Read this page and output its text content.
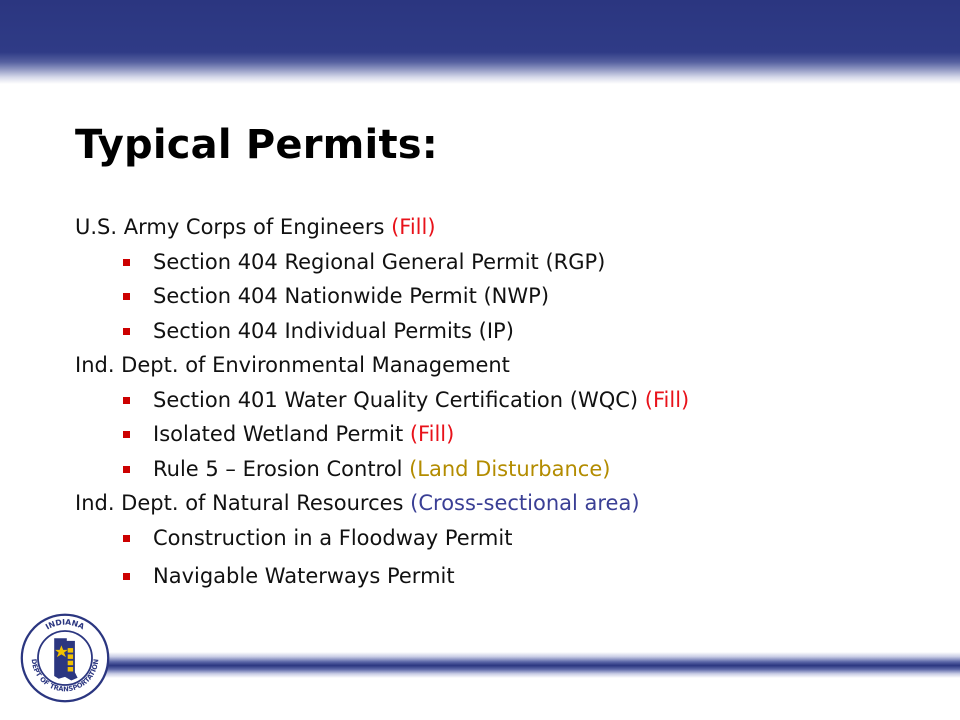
Typical Permits:
U.S. Army Corps of Engineers (Fill)
Section 404 Regional General Permit (RGP)
Section 404 Nationwide Permit (NWP)
Section 404 Individual Permits (IP)
Ind. Dept. of Environmental Management
Section 401 Water Quality Certification (WQC) (Fill)
Isolated Wetland Permit (Fill)
Rule 5 – Erosion Control (Land Disturbance)
Ind. Dept. of Natural Resources (Cross-sectional area)
Construction in a Floodway Permit
Navigable Waterways Permit
INDIANA
DEPT OF TRANSPORTATION
